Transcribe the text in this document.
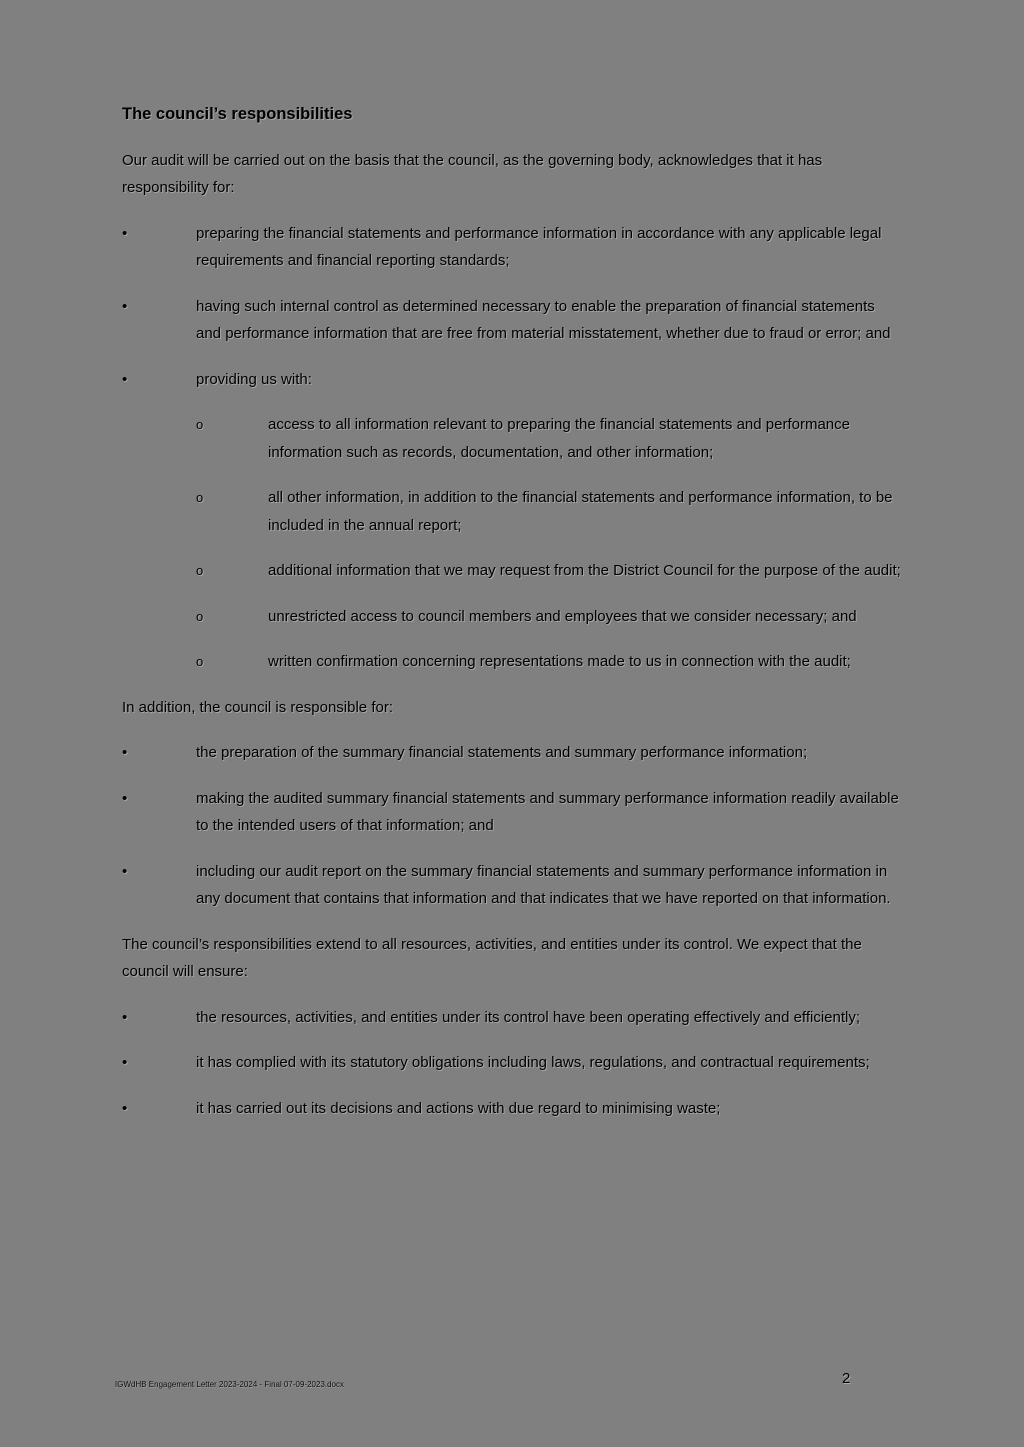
The council’s responsibilities

Our audit will be carried out on the basis that the council, as the governing body, acknowledges that it has responsibility for:

•	preparing the financial statements and performance information in accordance with any applicable legal requirements and financial reporting standards;
•	having such internal control as determined necessary to enable the preparation of financial statements and performance information that are free from material misstatement, whether due to fraud or error; and
•	providing us with:
o	access to all information relevant to preparing the financial statements and performance information such as records, documentation, and other information;
o	all other information, in addition to the financial statements and performance information, to be included in the annual report;
o	additional information that we may request from the District Council for the purpose of the audit;
o	unrestricted access to council members and employees that we consider necessary; and
o	written confirmation concerning representations made to us in connection with the audit;

In addition, the council is responsible for:

•	the preparation of the summary financial statements and summary performance information;
•	making the audited summary financial statements and summary performance information readily available to the intended users of that information; and
•	including our audit report on the summary financial statements and summary performance information in any document that contains that information and that indicates that we have reported on that information.

The council’s responsibilities extend to all resources, activities, and entities under its control. We expect that the council will ensure:

•	the resources, activities, and entities under its control have been operating effectively and efficiently;
•	it has complied with its statutory obligations including laws, regulations, and contractual requirements;
•	it has carried out its decisions and actions with due regard to minimising waste;
IGWdHB Engagement Letter 2023-2024 - Final 07-09-2023.docx	2
